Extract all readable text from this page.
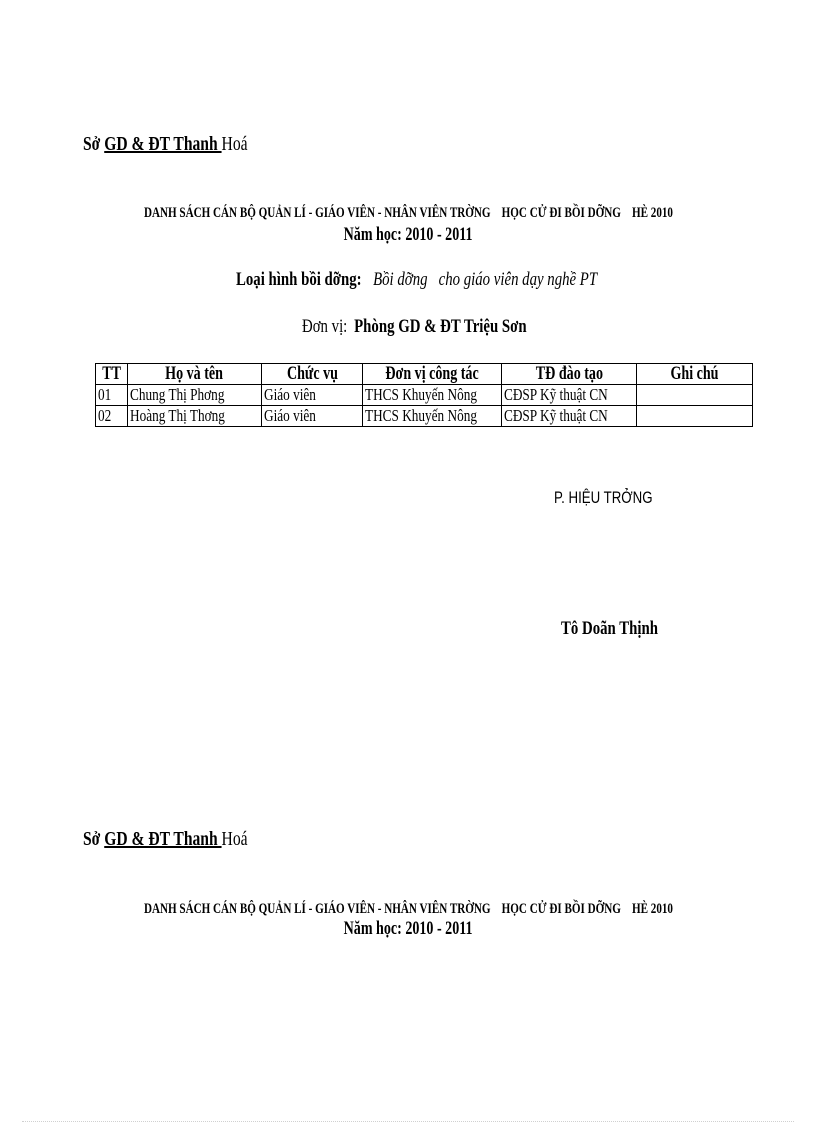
Sở GD & ĐT Thanh Hoá
DANH SÁCH CÁN BỘ QUẢN LÍ - GIÁO VIÊN - NHÂN VIÊN TRỜNG    HỌC CỬ ĐI BỒI DỠNG    HÈ 2010
Năm học: 2010 - 2011
Loại hình bồi dỡng: Bồi dỡng   cho giáo viên dạy nghề PT
Đơn vị: Phòng GD & ĐT Triệu Sơn
TT	Họ và tên	Chức vụ	Đơn vị công tác	TĐ đào tạo	Ghi chú
01	Chung Thị Phơng	Giáo viên	THCS Khuyến Nông	CĐSP Kỹ thuật CN	
02	Hoàng Thị Thơng	Giáo viên	THCS Khuyến Nông	CĐSP Kỹ thuật CN	
P. HIỆU TRỞNG
Tô Doãn Thịnh
Sở GD & ĐT Thanh Hoá
DANH SÁCH CÁN BỘ QUẢN LÍ - GIÁO VIÊN - NHÂN VIÊN TRỜNG    HỌC CỬ ĐI BỒI DỠNG    HÈ 2010
Năm học: 2010 - 2011
